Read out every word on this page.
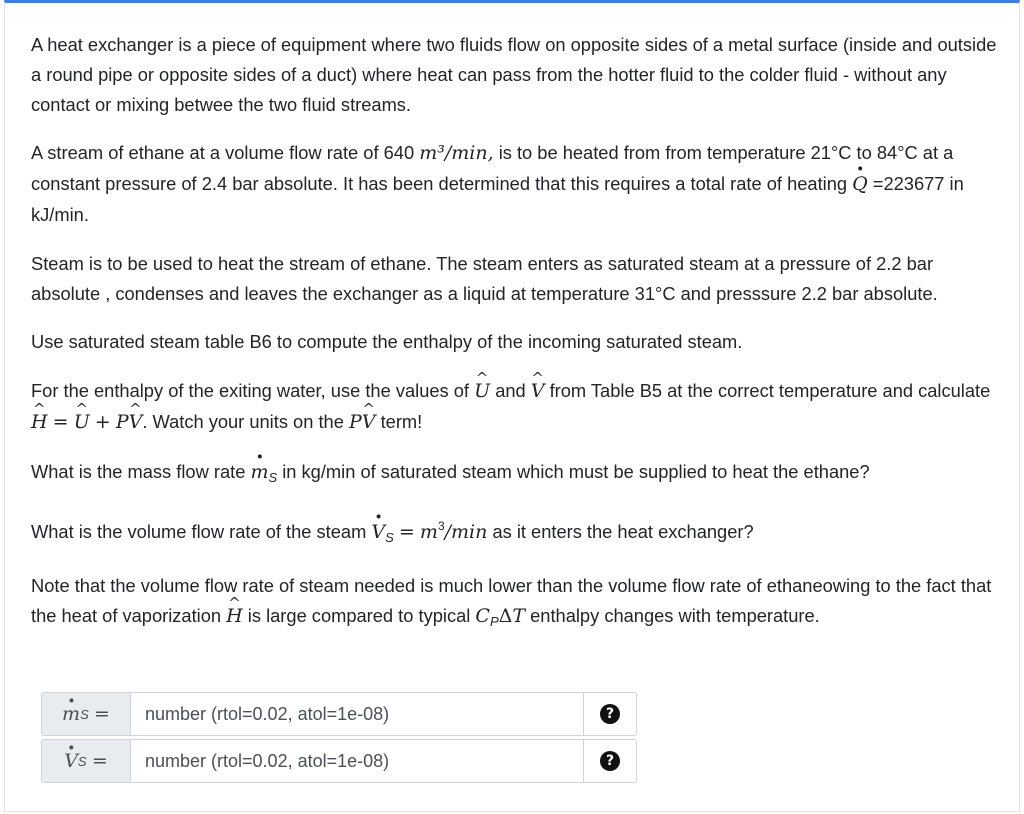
A heat exchanger is a piece of equipment where two fluids flow on opposite sides of a metal surface (inside and outside a round pipe or opposite sides of a duct) where heat can pass from the hotter fluid to the colder fluid - without any contact or mixing betwee the two fluid streams.

A stream of ethane at a volume flow rate of 640 m³/min, is to be heated from from temperature 21°C to 84°C at a constant pressure of 2.4 bar absolute. It has been determined that this requires a total rate of heating · Q =223677 in kJ/min.

Steam is to be used to heat the stream of ethane. The steam enters as saturated steam at a pressure of 2.2 bar absolute , condenses and leaves the exchanger as a liquid at temperature 31°C and presssure 2.2 bar absolute.

Use saturated steam table B6 to compute the enthalpy of the incoming saturated steam.

For the enthalpy of the exiting water, use the values of ^ U and ^ V from Table B5 at the correct temperature and calculate ^ H = ^ U + P^ V. Watch your units on the P^ V term!

What is the mass flow rate · $m_S$ in kg/min of saturated steam which must be supplied to heat the ethane?

What is the volume flow rate of the steam · $V_S = m^3/\min$ as it enters the heat exchanger?

Note that the volume flow rate of steam needed is much lower than the volume flow rate of ethaneowing to the fact that the heat of vaporization ^ H is large compared to typical $C_P\Delta T$ enthalpy changes with temperature.

· m S
=
number (rtol=0.02, atol=1e-08)	?
· V S
=
number (rtol=0.02, atol=1e-08)	?
